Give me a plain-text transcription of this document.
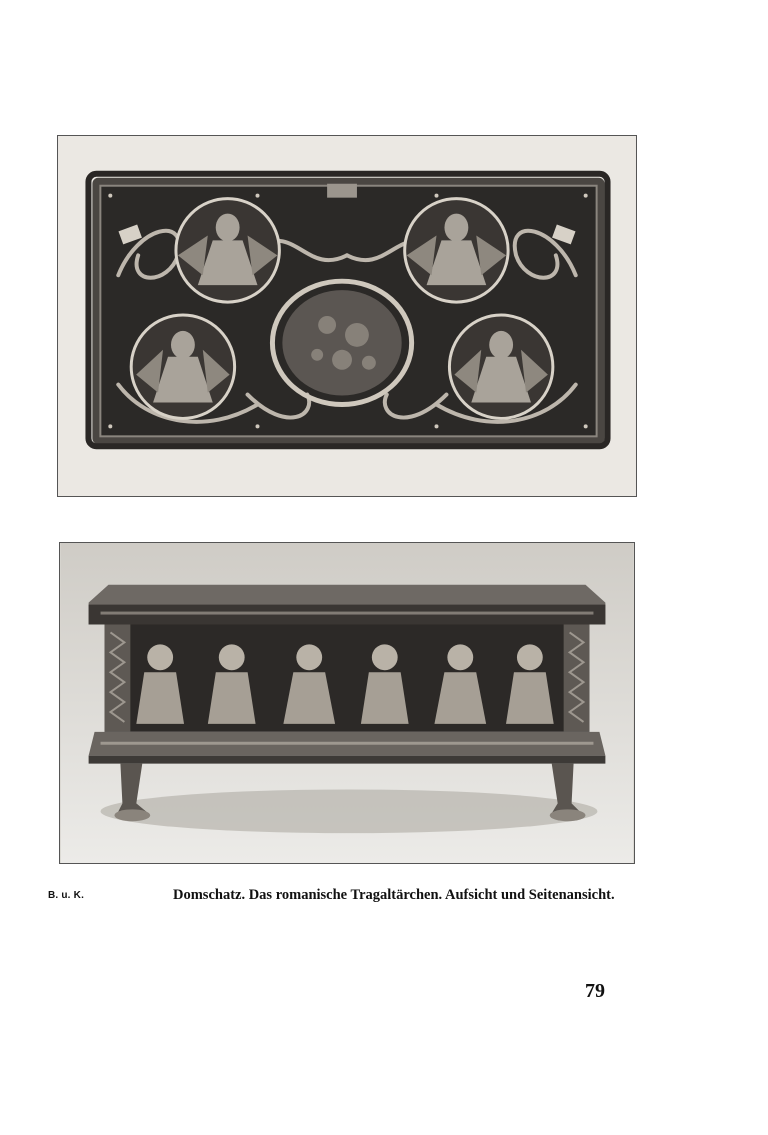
B. u. K.	Domschatz. Das romanische Tragaltärchen. Aufsicht und Seitenansicht.
79
